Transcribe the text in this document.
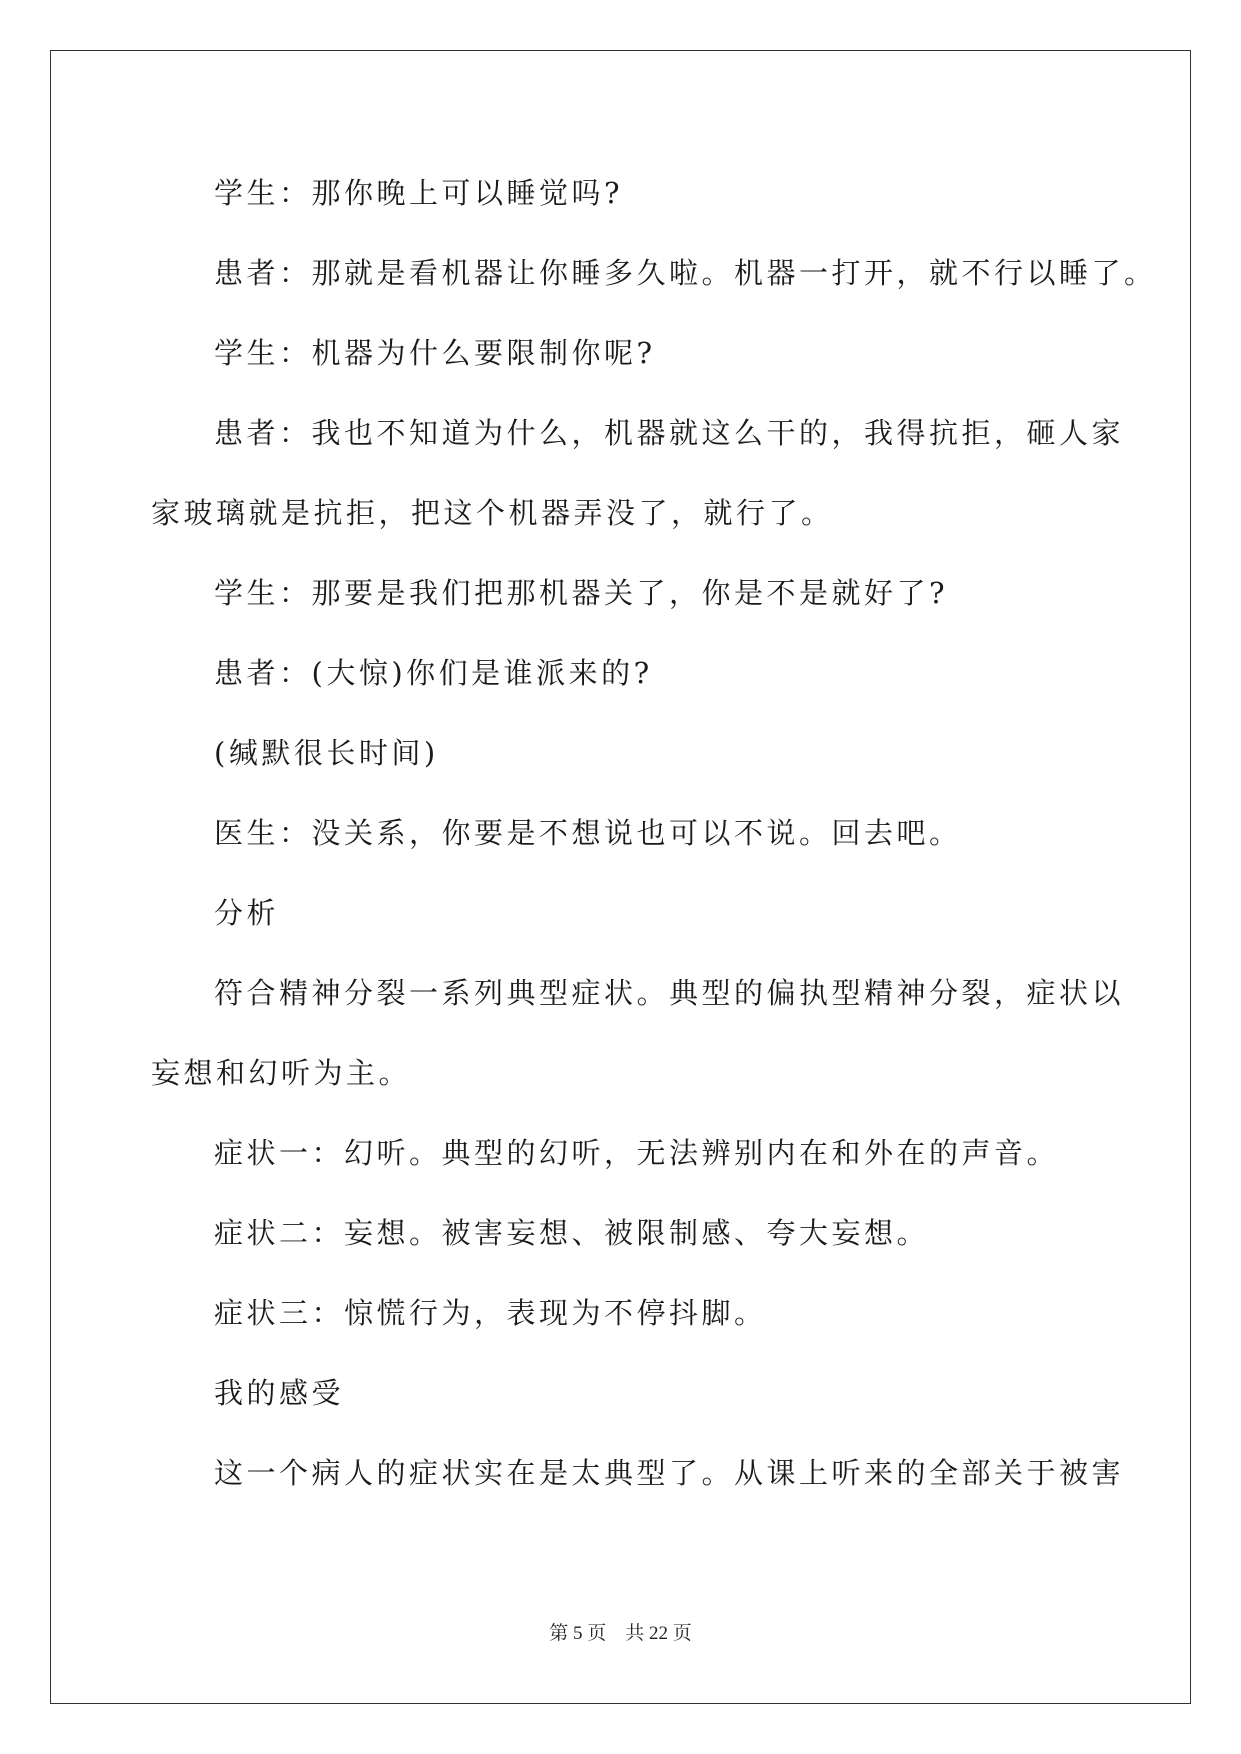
学生：那你晚上可以睡觉吗?
患者：那就是看机器让你睡多久啦。机器一打开，就不行以睡了。
学生：机器为什么要限制你呢?
患者：我也不知道为什么，机器就这么干的，我得抗拒，砸人家
家玻璃就是抗拒，把这个机器弄没了，就行了。
学生：那要是我们把那机器关了，你是不是就好了?
患者：(大惊)你们是谁派来的?
(缄默很长时间)
医生：没关系，你要是不想说也可以不说。回去吧。
分析
符合精神分裂一系列典型症状。典型的偏执型精神分裂，症状以
妄想和幻听为主。
症状一：幻听。典型的幻听，无法辨别内在和外在的声音。
症状二：妄想。被害妄想、被限制感、夸大妄想。
症状三：惊慌行为，表现为不停抖脚。
我的感受
这一个病人的症状实在是太典型了。从课上听来的全部关于被害
第 5 页　共 22 页
